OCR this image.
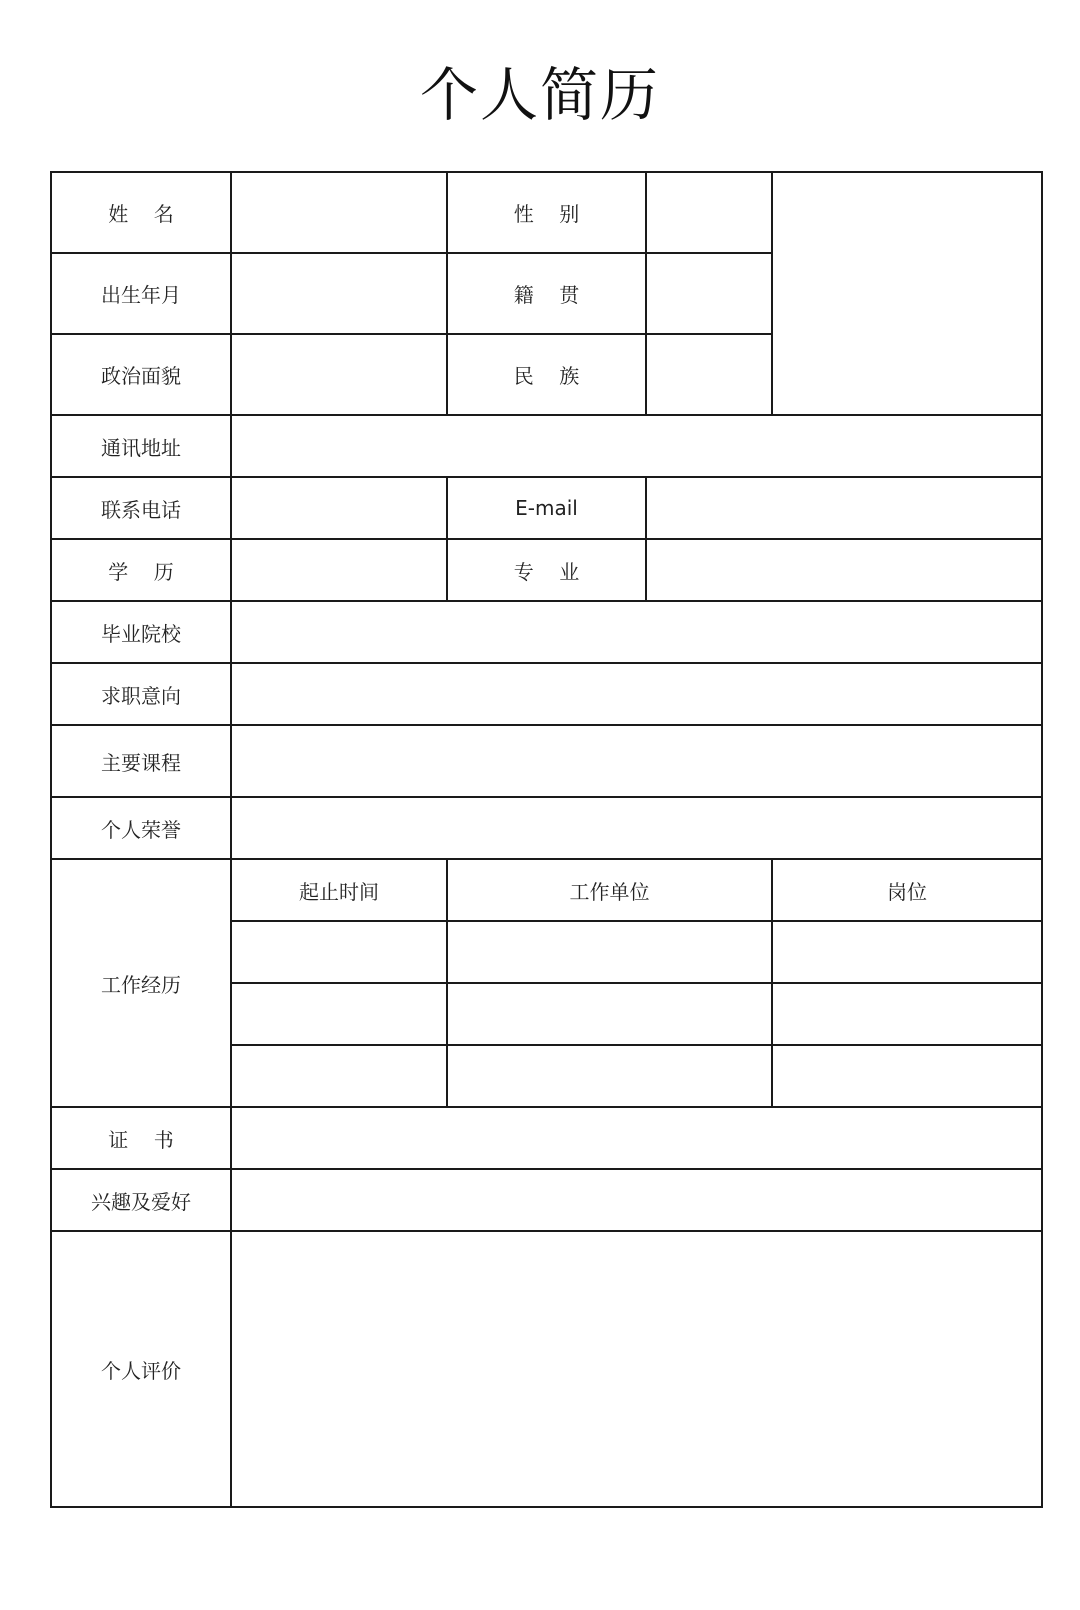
个人简历
姓    名		性    别		
出生年月		籍    贯		
政治面貌		民    族		
通讯地址				
联系电话		E-mail		
学    历		专    业		
毕业院校				
求职意向				
主要课程				
个人荣誉				
工作经历	起止时间	工作单位		岗位

证    书				
兴趣及爱好				
个人评价				
